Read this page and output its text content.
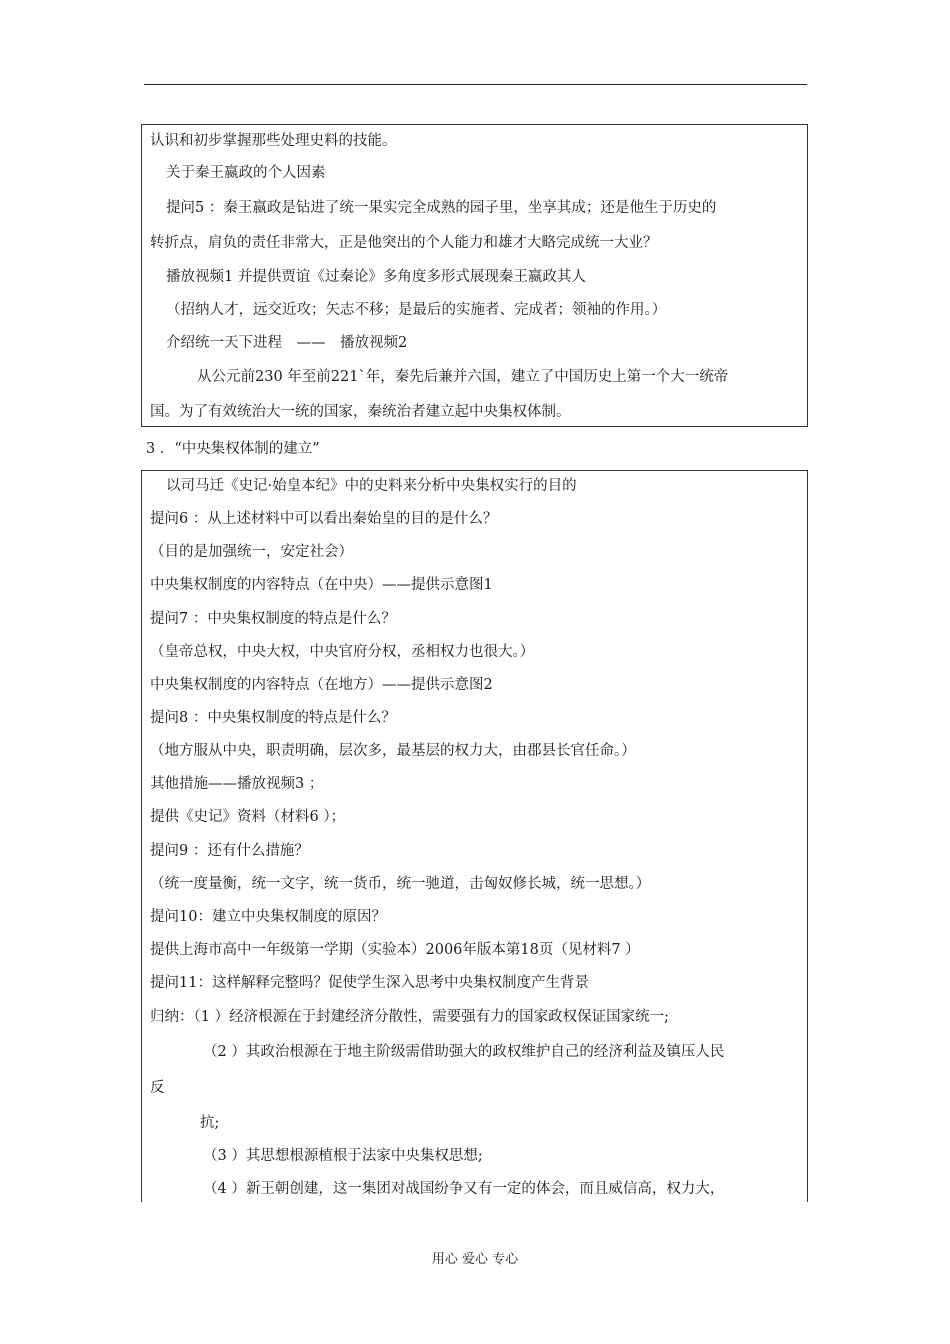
认识和初步掌握那些处理史料的技能。
关于秦王嬴政的个人因素
提问5 ：秦王嬴政是钻进了统一果实完全成熟的园子里，坐享其成；还是他生于历史的
转折点，肩负的责任非常大，正是他突出的个人能力和雄才大略完成统一大业？
播放视频1 并提供贾谊《过秦论》多角度多形式展现秦王嬴政其人
（招纳人才，远交近攻；矢志不移；是最后的实施者、完成者；领袖的作用。）
介绍统一天下进程　——　播放视频2
从公元前230 年至前221`年，秦先后兼并六国，建立了中国历史上第一个大一统帝
国。为了有效统治大一统的国家，秦统治者建立起中央集权体制。
3 ．“中央集权体制的建立”
以司马迁《史记·始皇本纪》中的史料来分析中央集权实行的目的
提问6 ：从上述材料中可以看出秦始皇的目的是什么？
（目的是加强统一，安定社会）
中央集权制度的内容特点（在中央）——提供示意图1
提问7 ：中央集权制度的特点是什么？
（皇帝总权，中央大权，中央官府分权，丞相权力也很大。）
中央集权制度的内容特点（在地方）——提供示意图2
提问8 ：中央集权制度的特点是什么？
（地方服从中央，职责明确，层次多，最基层的权力大，由郡县长官任命。）
其他措施——播放视频3 ；
提供《史记》资料（材料6 ）；
提问9 ：还有什么措施？
（统一度量衡，统一文字，统一货币，统一驰道，击匈奴修长城，统一思想。）
提问10：建立中央集权制度的原因？
提供上海市高中一年级第一学期（实验本）2006年版本第18页（见材料7 ）
提问11：这样解释完整吗？促使学生深入思考中央集权制度产生背景
归纳：（1 ）经济根源在于封建经济分散性，需要强有力的国家政权保证国家统一;
（2 ）其政治根源在于地主阶级需借助强大的政权维护自己的经济利益及镇压人民
反
抗;
（3 ）其思想根源植根于法家中央集权思想;
（4 ）新王朝创建，这一集团对战国纷争又有一定的体会，而且威信高，权力大，
用心 爱心 专心
